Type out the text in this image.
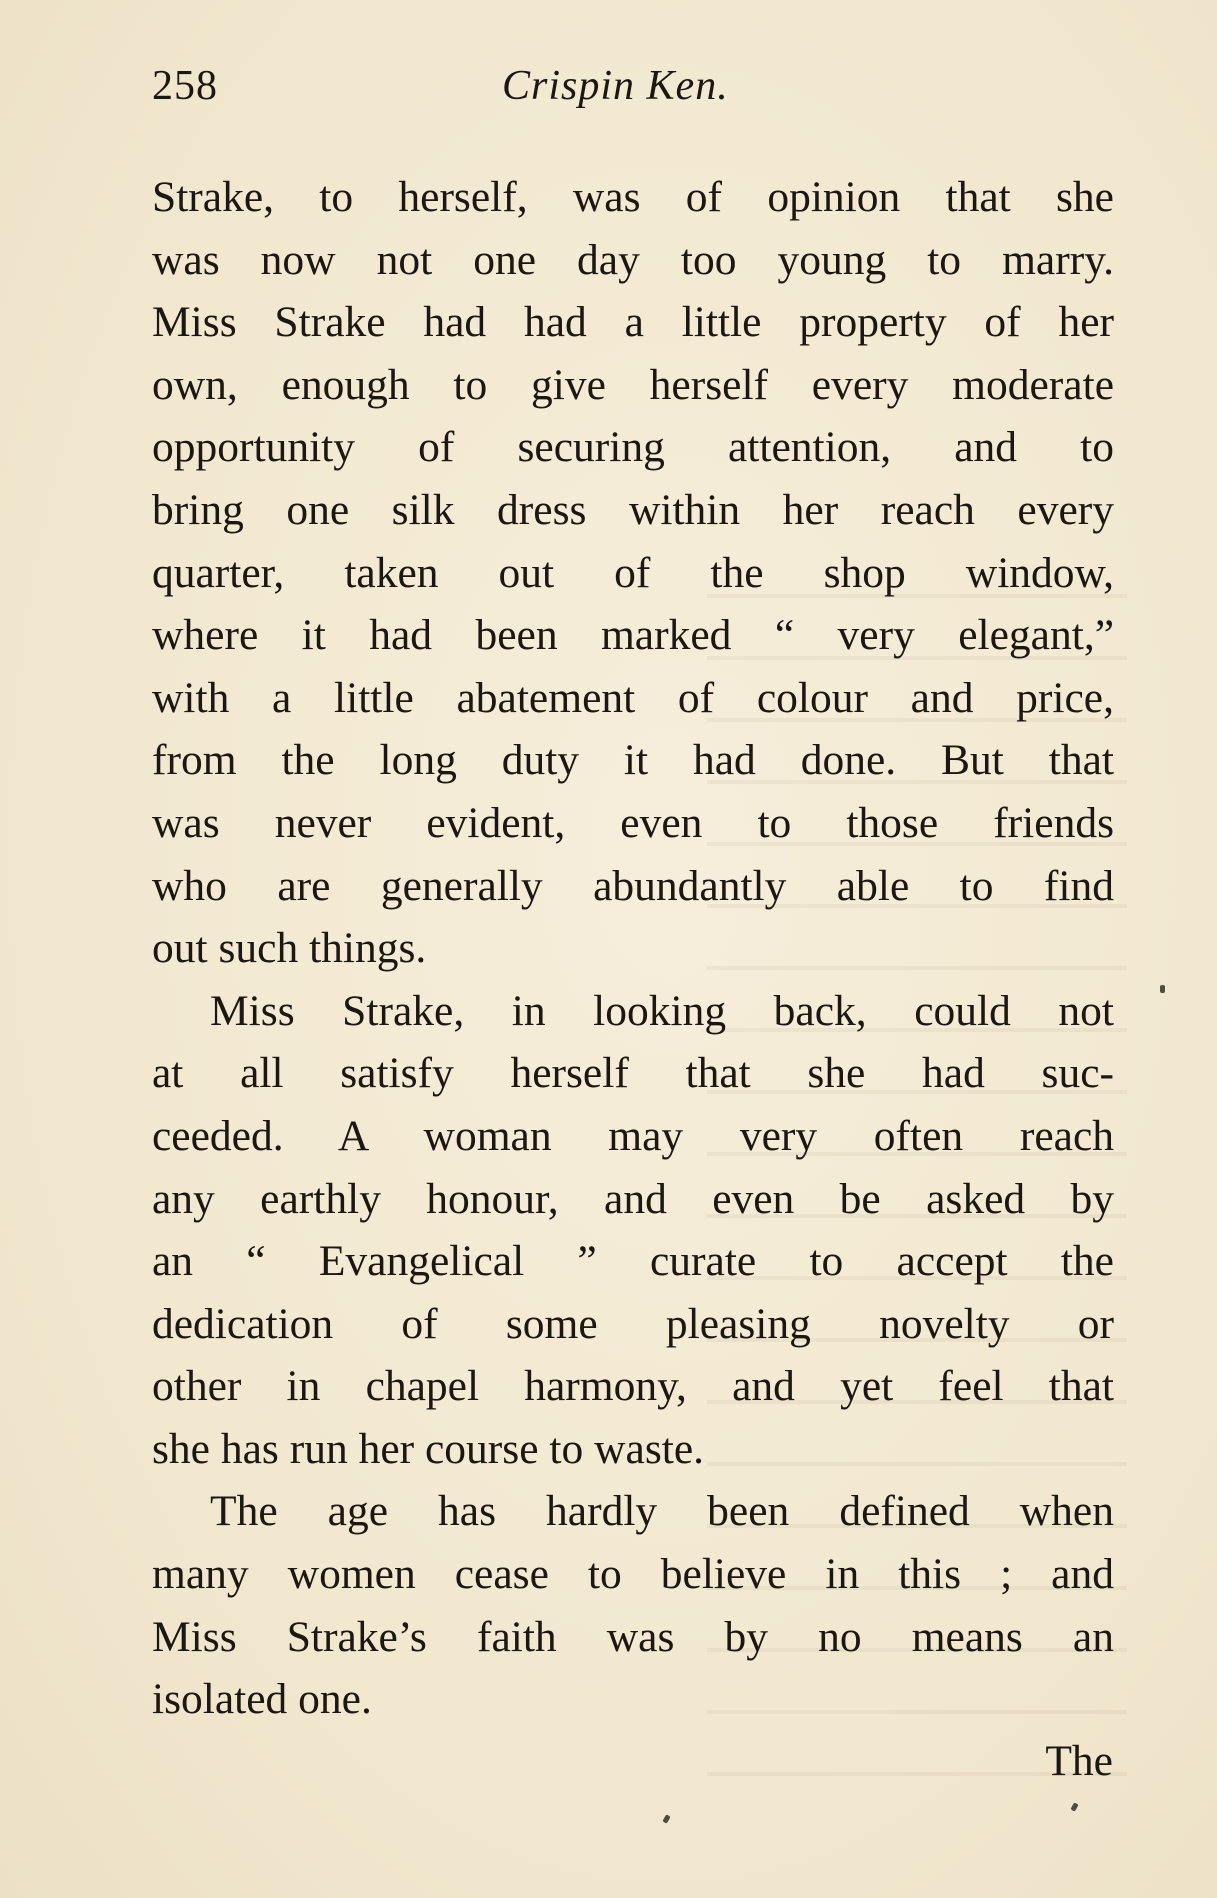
258	Crispin Ken.

Strake, to herself, was of opinion that she

was now not one day too young to marry.

Miss Strake had had a little property of her

own, enough to give herself every moderate

opportunity of securing attention, and to

bring one silk dress within her reach every

quarter, taken out of the shop window,

where it had been marked “ very elegant,”

with a little abatement of colour and price,

from the long duty it had done. But that

was never evident, even to those friends

who are generally abundantly able to find

out such things.

Miss Strake, in looking back, could not

at all satisfy herself that she had suc-

ceeded. A woman may very often reach

any earthly honour, and even be asked by

an “ Evangelical ” curate to accept the

dedication of some pleasing novelty or

other in chapel harmony, and yet feel that

she has run her course to waste.

The age has hardly been defined when

many women cease to believe in this ; and

Miss Strake’s faith was by no means an

isolated one.

The
